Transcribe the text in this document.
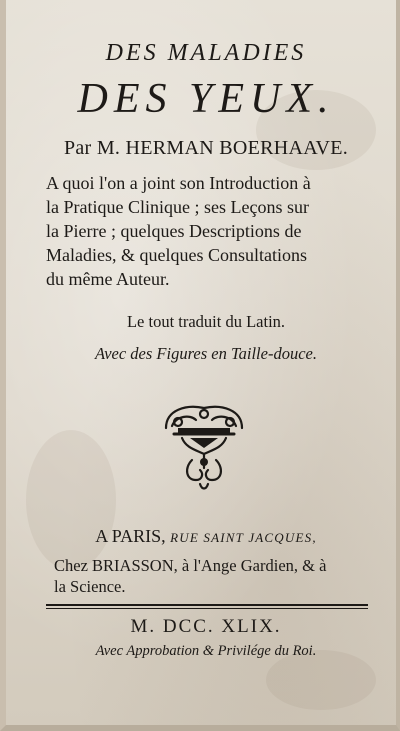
DES MALADIES

DES YEUX.

Par M. HERMAN BOERHAAVE.

A quoi l'on a joint son Introduction à
la Pratique Clinique ; ses Leçons sur
la Pierre ; quelques Descriptions de
Maladies, & quelques Consultations
du même Auteur.

Le tout traduit du Latin.

Avec des Figures en Taille-douce.

A PARIS, RUE SAINT JACQUES,

Chez BRIASSON, à l'Ange Gardien, & à
la Science.

M. DCC. XLIX.

Avec Approbation & Privilége du Roi.
